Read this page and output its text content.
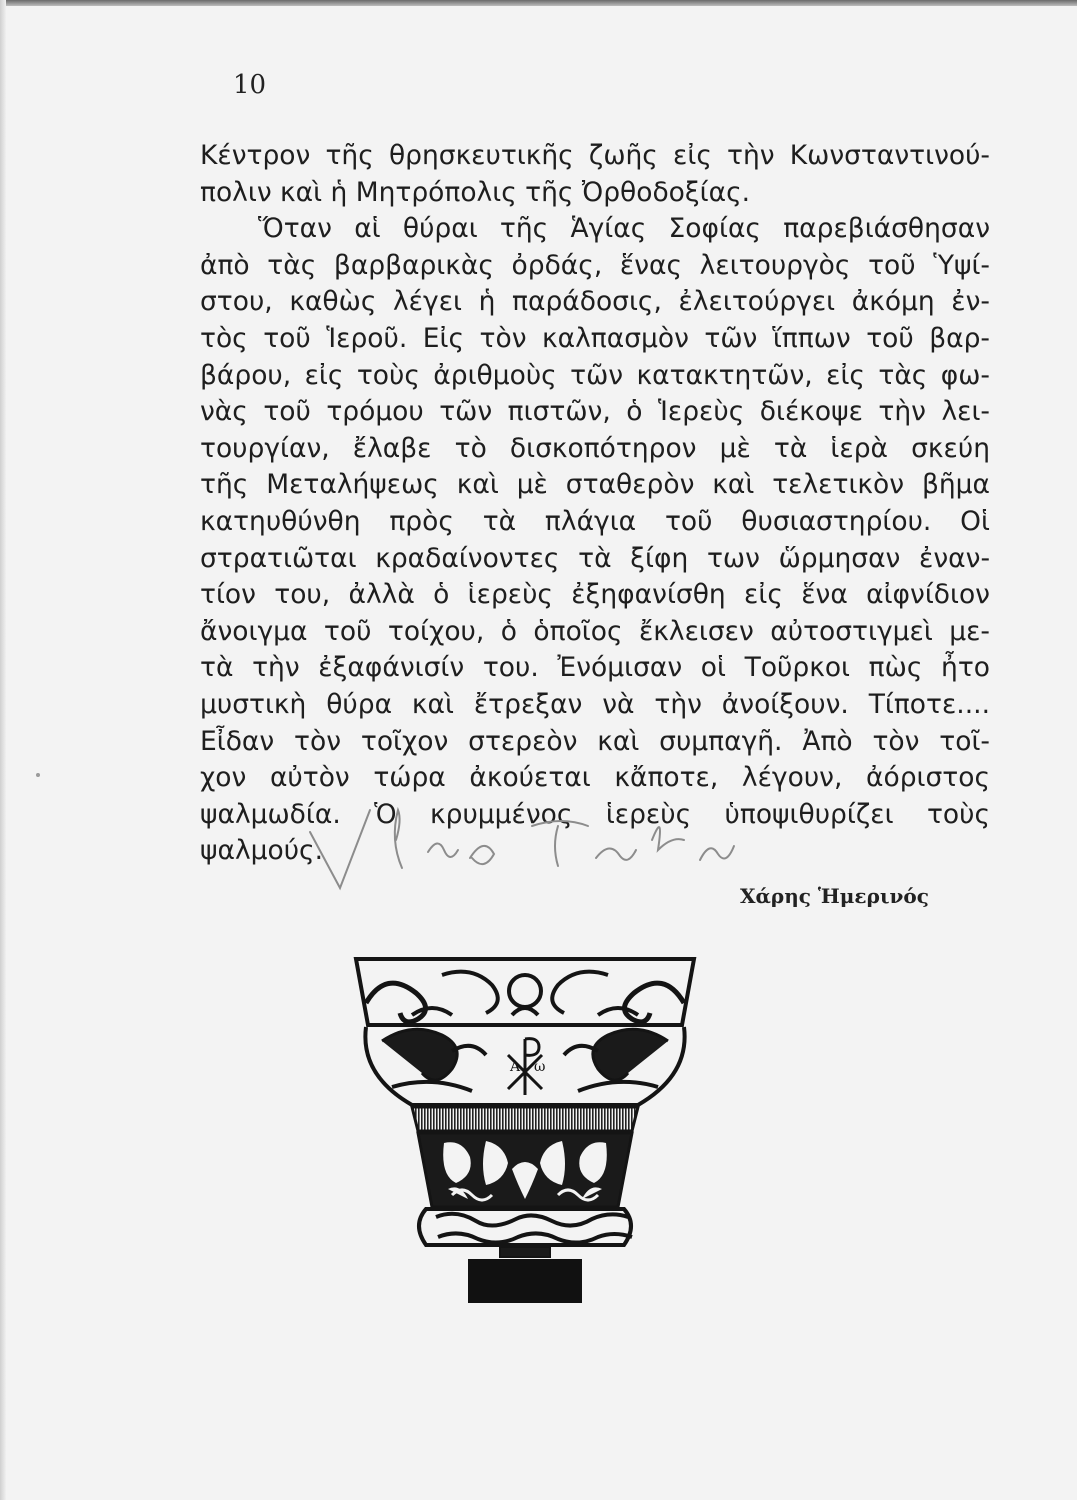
10
Κέντρον τῆς θρησκευτικῆς ζωῆς εἰς τὴν Κωνσταντινού-
πολιν καὶ ἡ Μητρόπολις τῆς Ὀρθοδοξίας.
Ὅταν αἱ θύραι τῆς Ἁγίας Σοφίας παρεβιάσθησαν
ἀπὸ τὰς βαρβαρικὰς ὀρδάς, ἕνας λειτουργὸς τοῦ Ὑψί-
στου, καθὼς λέγει ἡ παράδοσις, ἐλειτούργει ἀκόμη ἐν-
τὸς τοῦ Ἱεροῦ. Εἰς τὸν καλπασμὸν τῶν ἵππων τοῦ βαρ-
βάρου, εἰς τοὺς ἀριθμοὺς τῶν κατακτητῶν, εἰς τὰς φω-
νὰς τοῦ τρόμου τῶν πιστῶν, ὁ Ἱερεὺς διέκοψε τὴν λει-
τουργίαν, ἔλαβε τὸ δισκοπότηρον μὲ τὰ ἱερὰ σκεύη
τῆς Μεταλήψεως καὶ μὲ σταθερὸν καὶ τελετικὸν βῆμα
κατηυθύνθη πρὸς τὰ πλάγια τοῦ θυσιαστηρίου. Οἱ
στρατιῶται κραδαίνοντες τὰ ξίφη των ὥρμησαν ἐναν-
τίον του, ἀλλὰ ὁ ἱερεὺς ἐξηφανίσθη εἰς ἕνα αἰφνίδιον
ἄνοιγμα τοῦ τοίχου, ὁ ὁποῖος ἔκλεισεν αὐτοστιγμεὶ με-
τὰ τὴν ἐξαφάνισίν του. Ἐνόμισαν οἱ Τοῦρκοι πὼς ἦτο
μυστικὴ θύρα καὶ ἔτρεξαν νὰ τὴν ἀνοίξουν. Τίποτε....
Εἶδαν τὸν τοῖχον στερεὸν καὶ συμπαγῆ. Ἀπὸ τὸν τοῖ-
χον αὐτὸν τώρα ἀκούεται κἄποτε, λέγουν, ἀόριστος
ψαλμωδία. Ὁ κρυμμένος ἱερεὺς ὑποψιθυρίζει τοὺς
ψαλμούς.
Χάρης Ἡμερινός
Α ω
